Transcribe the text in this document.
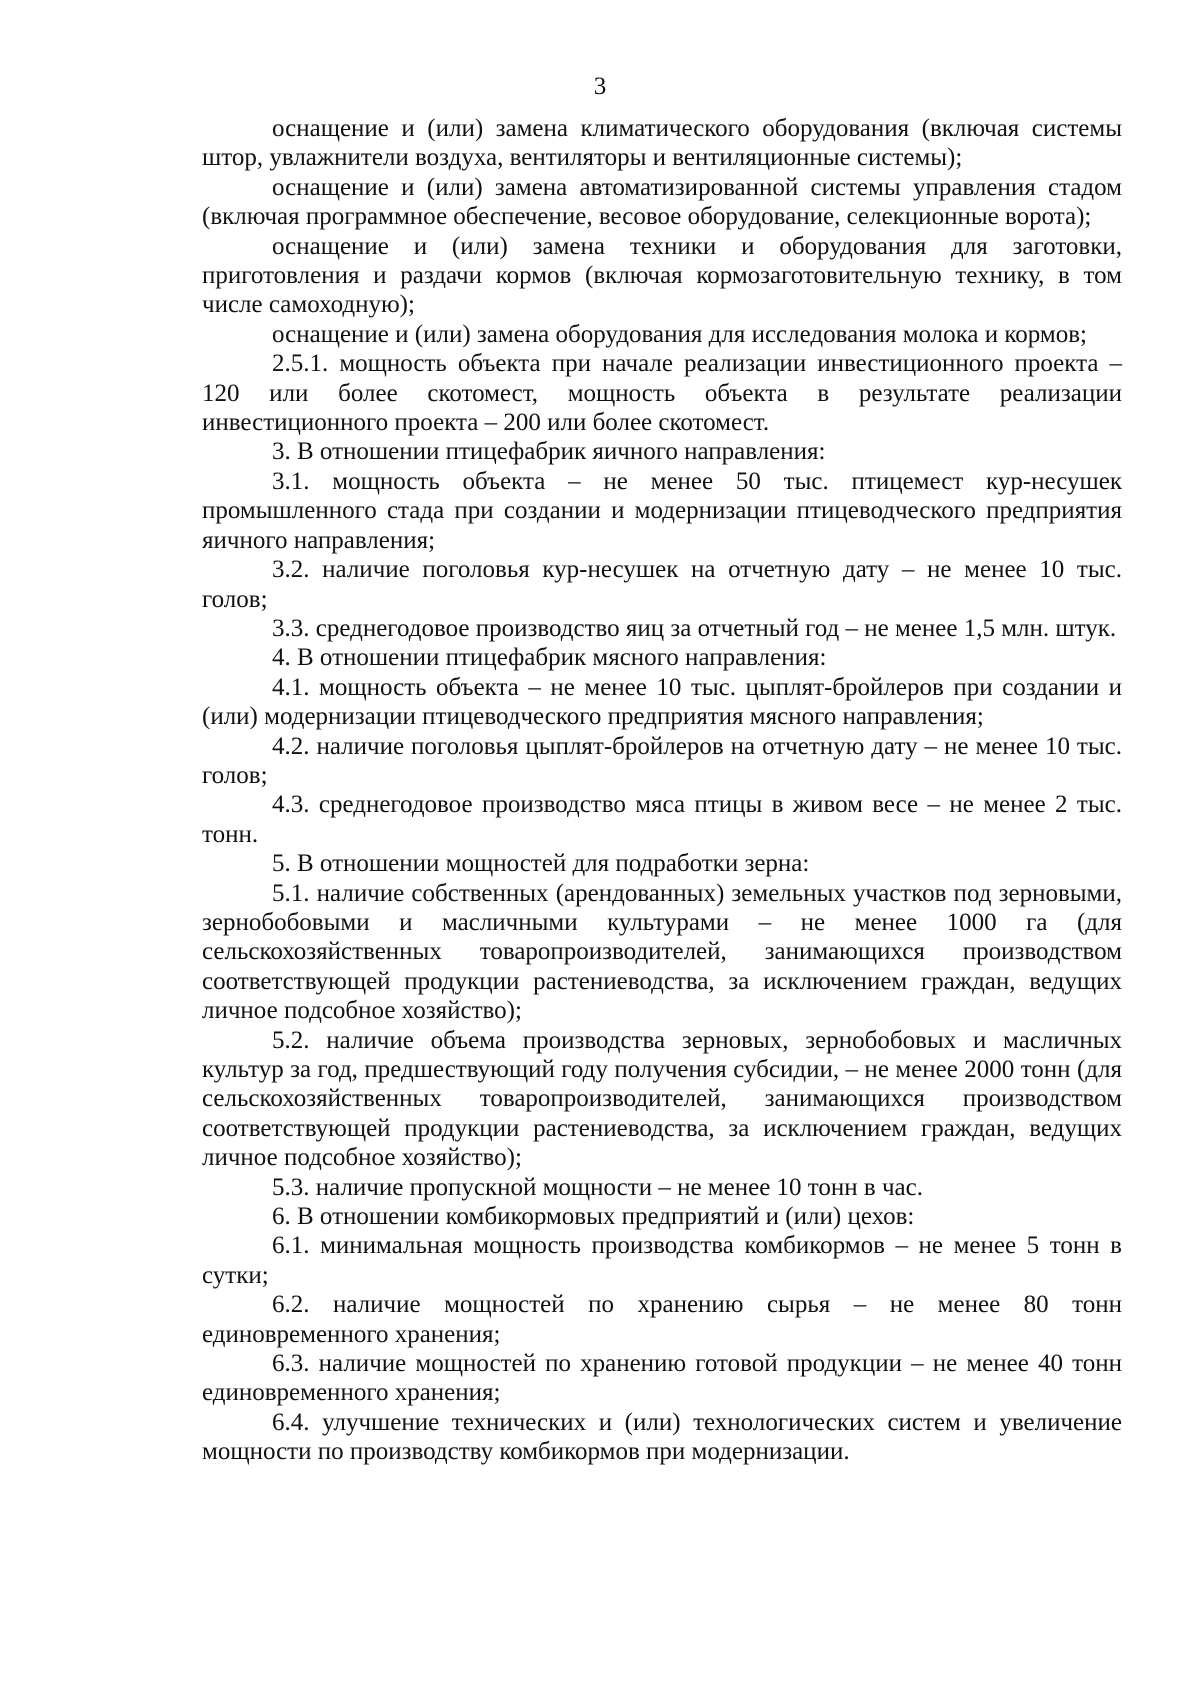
3

оснащение и (или) замена климатического оборудования (включая системы штор, увлажнители воздуха, вентиляторы и вентиляционные системы);

оснащение и (или) замена автоматизированной системы управления стадом (включая программное обеспечение, весовое оборудование, селекционные ворота);

оснащение и (или) замена техники и оборудования для заготовки, приготовления и раздачи кормов (включая кормозаготовительную технику, в том числе самоходную);

оснащение и (или) замена оборудования для исследования молока и кормов;

2.5.1. мощность объекта при начале реализации инвестиционного проекта – 120 или более скотомест, мощность объекта в результате реализации инвестиционного проекта – 200 или более скотомест.

3. В отношении птицефабрик яичного направления:

3.1. мощность объекта – не менее 50 тыс. птицемест кур-несушек промышленного стада при создании и модернизации птицеводческого предприятия яичного направления;

3.2. наличие поголовья кур-несушек на отчетную дату – не менее 10 тыс. голов;

3.3. среднегодовое производство яиц за отчетный год – не менее 1,5 млн. штук.

4. В отношении птицефабрик мясного направления:

4.1. мощность объекта – не менее 10 тыс. цыплят-бройлеров при создании и (или) модернизации птицеводческого предприятия мясного направления;

4.2. наличие поголовья цыплят-бройлеров на отчетную дату – не менее 10 тыс. голов;

4.3. среднегодовое производство мяса птицы в живом весе – не менее 2 тыс. тонн.

5. В отношении мощностей для подработки зерна:

5.1. наличие собственных (арендованных) земельных участков под зерновыми, зернобобовыми и масличными культурами – не менее 1000 га (для сельскохозяйственных товаропроизводителей, занимающихся производством соответствующей продукции растениеводства, за исключением граждан, ведущих личное подсобное хозяйство);

5.2. наличие объема производства зерновых, зернобобовых и масличных культур за год, предшествующий году получения субсидии, – не менее 2000 тонн (для сельскохозяйственных товаропроизводителей, занимающихся производством соответствующей продукции растениеводства, за исключением граждан, ведущих личное подсобное хозяйство);

5.3. наличие пропускной мощности – не менее 10 тонн в час.

6. В отношении комбикормовых предприятий и (или) цехов:

6.1. минимальная мощность производства комбикормов – не менее 5 тонн в сутки;

6.2. наличие мощностей по хранению сырья – не менее 80 тонн единовременного хранения;

6.3. наличие мощностей по хранению готовой продукции – не менее 40 тонн единовременного хранения;

6.4. улучшение технических и (или) технологических систем и увеличение мощности по производству комбикормов при модернизации.
